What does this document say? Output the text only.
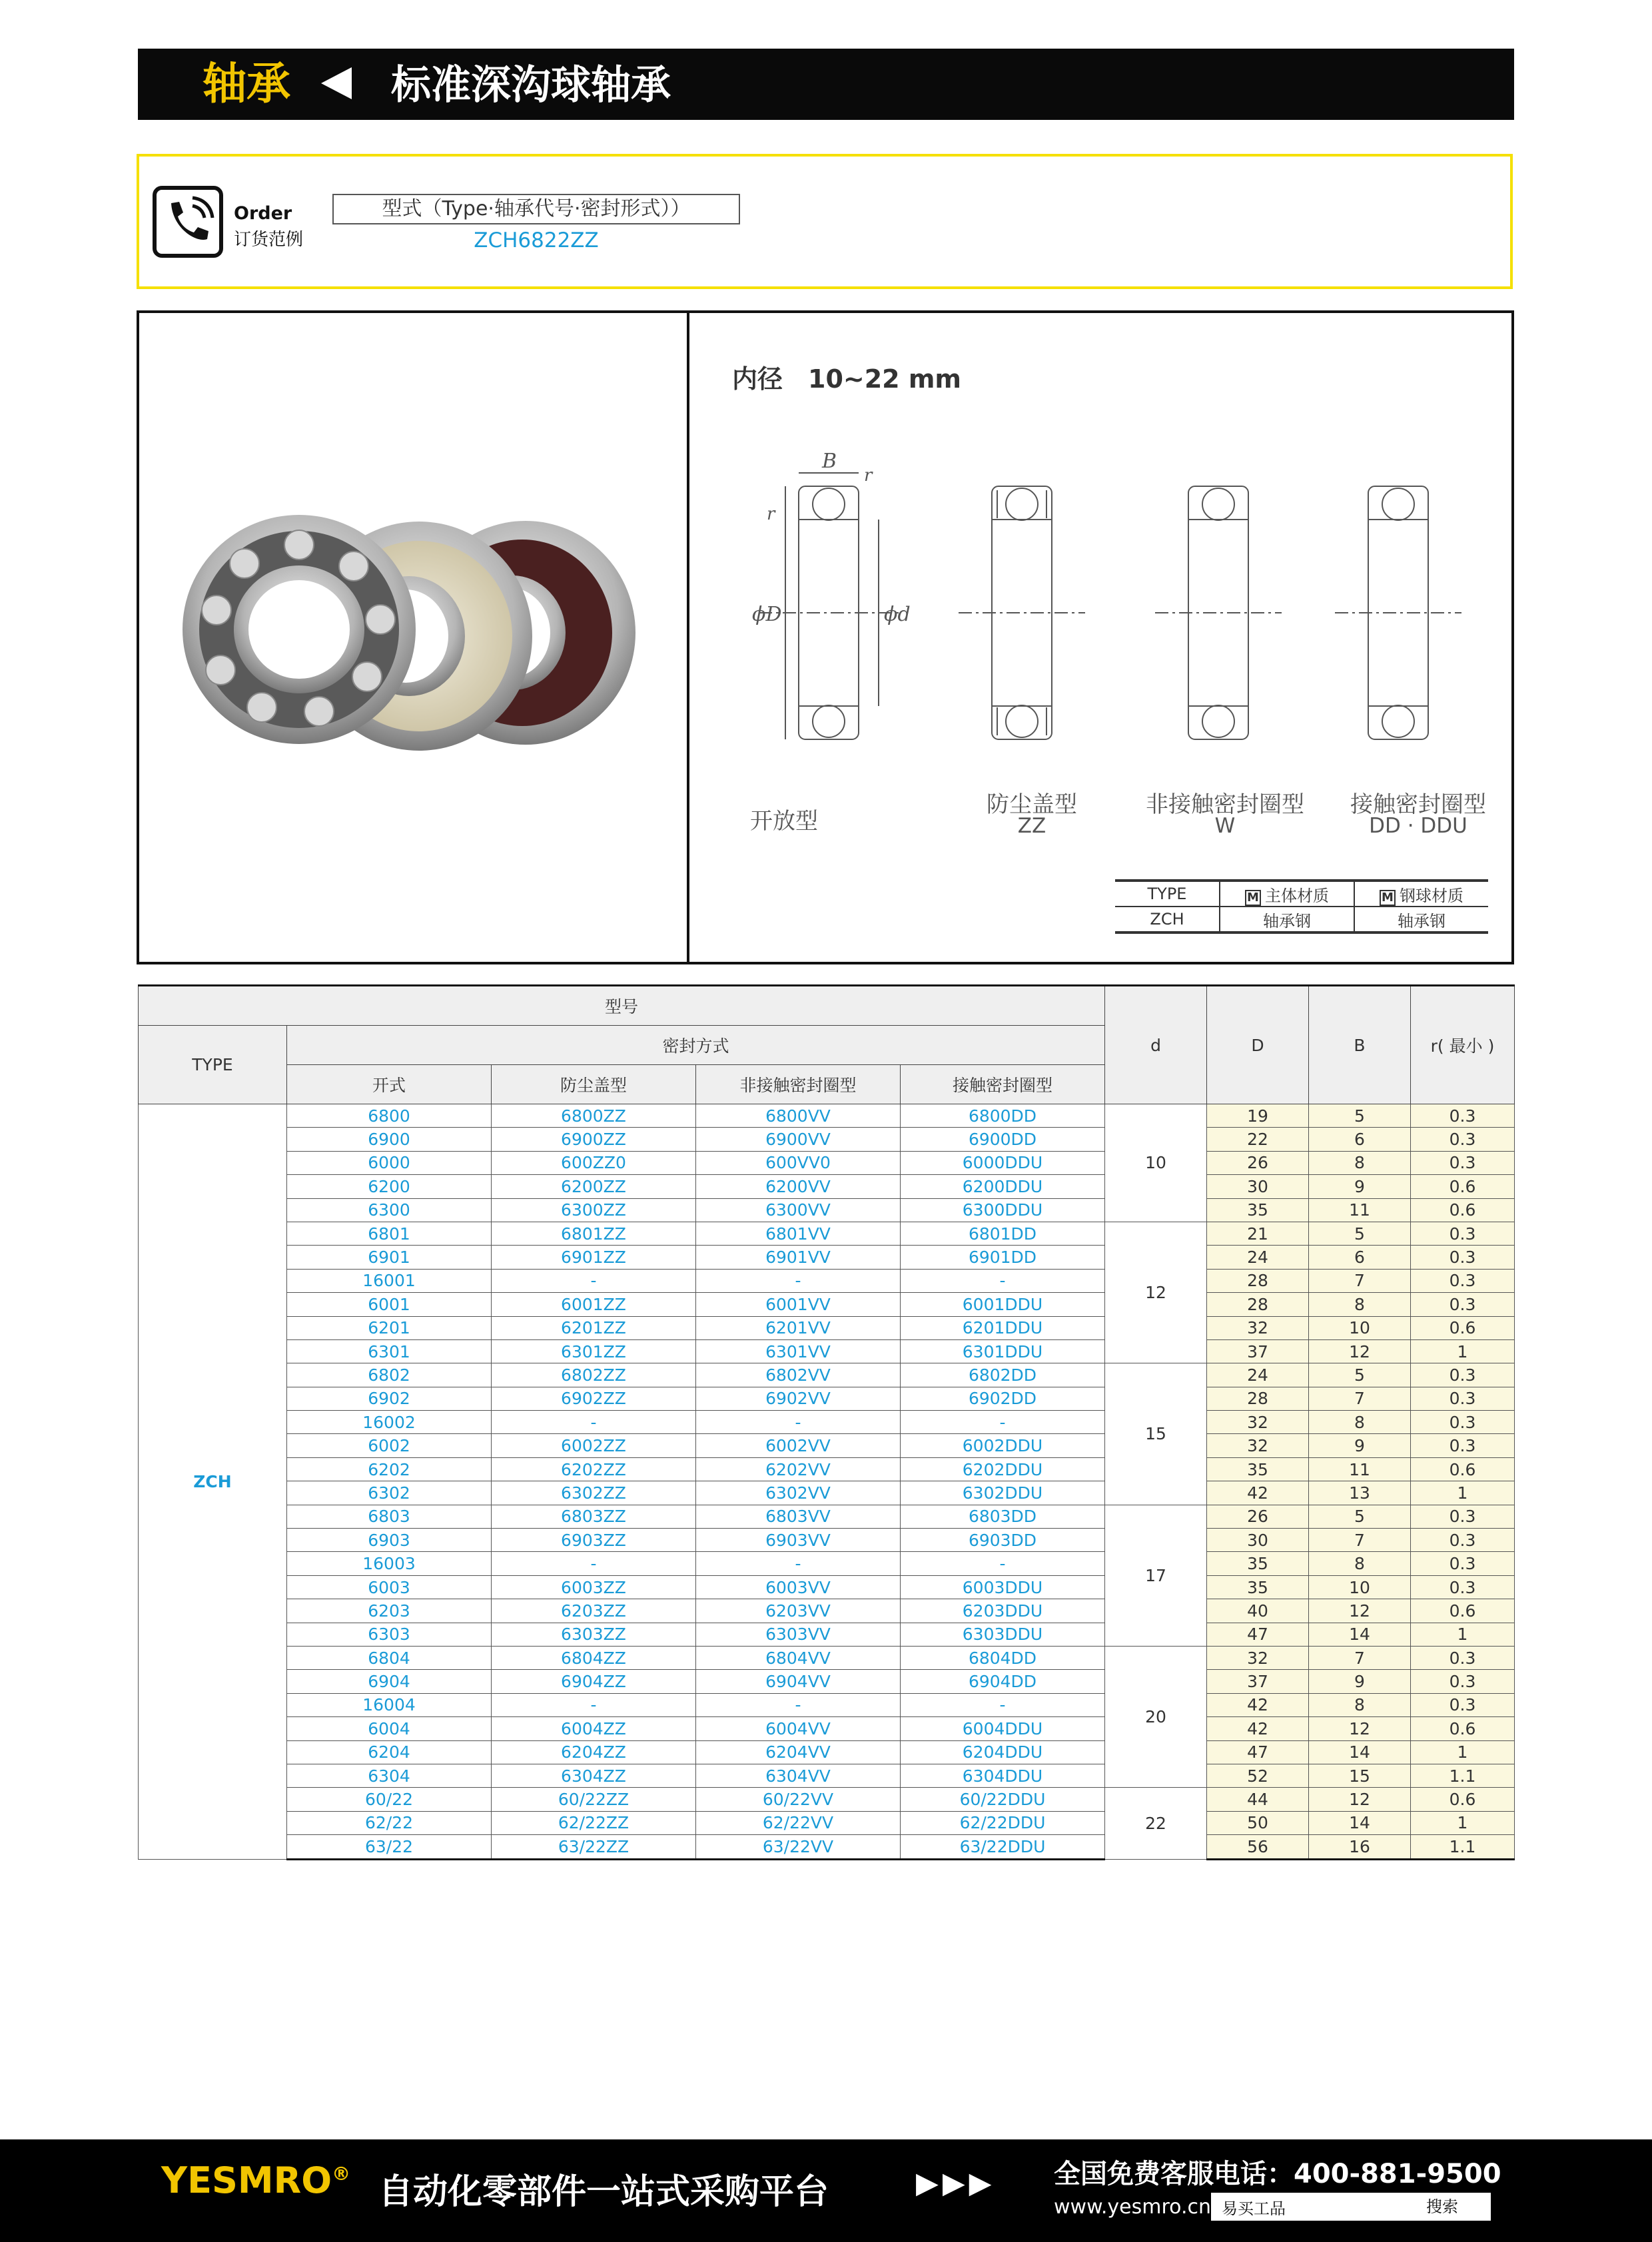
轴承	标准深沟球轴承
Order
订货范例
型式（Type·轴承代号·密封形式））
ZCH6822ZZ
内径　10~22 mm
B
r
r
ϕD	ϕd
开放型
防尘盖型
ZZ
非接触密封圈型
W
接触密封圈型
DD · DDU
TYPE	M 主体材质	M 钢球材质
ZCH	轴承钢	轴承钢
型号					d	D	B	r( 最小 )
TYPE	密封方式							
	开式	防尘盖型	非接触密封圈型	接触密封圈型				
ZCH	6800	6800ZZ	6800VV	6800DD	10	19	5	0.3
	6900	6900ZZ	6900VV	6900DD		22	6	0.3
	6000	600ZZ0	600VV0	6000DDU		26	8	0.3
	6200	6200ZZ	6200VV	6200DDU		30	9	0.6
	6300	6300ZZ	6300VV	6300DDU		35	11	0.6
	6801	6801ZZ	6801VV	6801DD	12	21	5	0.3
	6901	6901ZZ	6901VV	6901DD		24	6	0.3
	16001	-	-	-		28	7	0.3
	6001	6001ZZ	6001VV	6001DDU		28	8	0.3
	6201	6201ZZ	6201VV	6201DDU		32	10	0.6
	6301	6301ZZ	6301VV	6301DDU		37	12	1
	6802	6802ZZ	6802VV	6802DD	15	24	5	0.3
	6902	6902ZZ	6902VV	6902DD		28	7	0.3
	16002	-	-	-		32	8	0.3
	6002	6002ZZ	6002VV	6002DDU		32	9	0.3
	6202	6202ZZ	6202VV	6202DDU		35	11	0.6
	6302	6302ZZ	6302VV	6302DDU		42	13	1
	6803	6803ZZ	6803VV	6803DD	17	26	5	0.3
	6903	6903ZZ	6903VV	6903DD		30	7	0.3
	16003	-	-	-		35	8	0.3
	6003	6003ZZ	6003VV	6003DDU		35	10	0.3
	6203	6203ZZ	6203VV	6203DDU		40	12	0.6
	6303	6303ZZ	6303VV	6303DDU		47	14	1
	6804	6804ZZ	6804VV	6804DD	20	32	7	0.3
	6904	6904ZZ	6904VV	6904DD		37	9	0.3
	16004	-	-	-		42	8	0.3
	6004	6004ZZ	6004VV	6004DDU		42	12	0.6
	6204	6204ZZ	6204VV	6204DDU		47	14	1
	6304	6304ZZ	6304VV	6304DDU		52	15	1.1
	60/22	60/22ZZ	60/22VV	60/22DDU	22	44	12	0.6
	62/22	62/22ZZ	62/22VV	62/22DDU		50	14	1
	63/22	63/22ZZ	63/22VV	63/22DDU		56	16	1.1
YESMRO® 自动化零部件一站式采购平台	▶▶▶ 全国免费客服电话：400-881-9500
www.yesmro.cn 易买工品	搜索
